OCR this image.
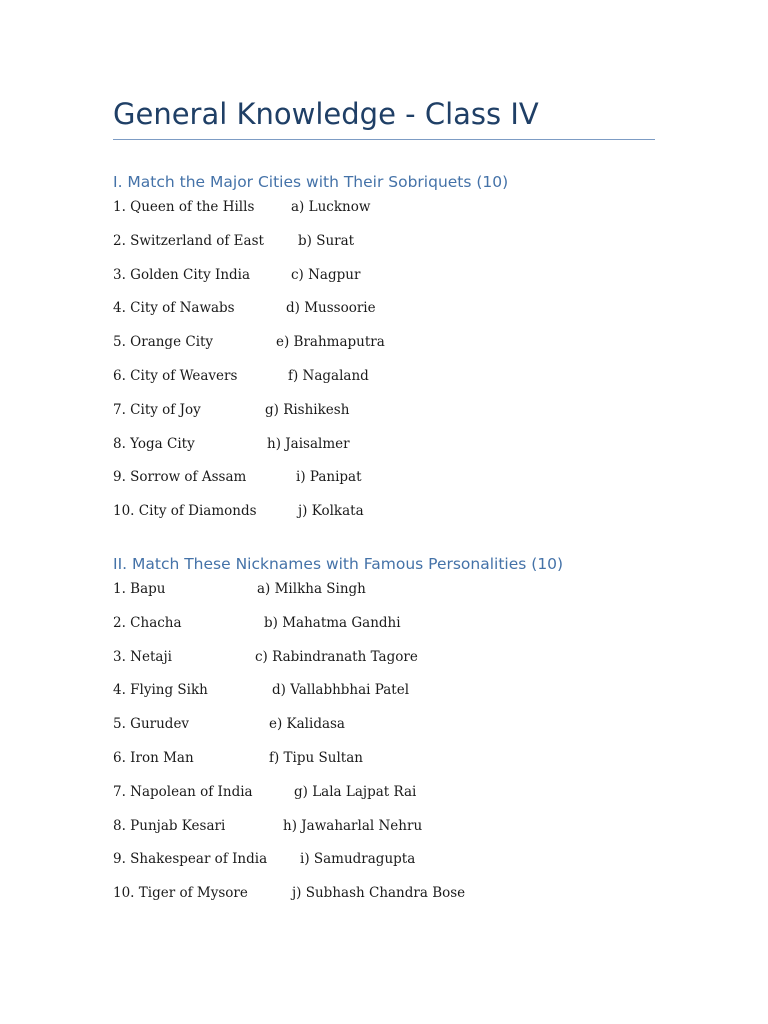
General Knowledge - Class IV
I. Match the Major Cities with Their Sobriquets (10)
1. Queen of the Hills	a) Lucknow
2. Switzerland of East	b) Surat
3. Golden City India	c) Nagpur
4. City of Nawabs	d) Mussoorie
5. Orange City	e) Brahmaputra
6. City of Weavers	f) Nagaland
7. City of Joy	g) Rishikesh
8. Yoga City	h) Jaisalmer
9. Sorrow of Assam	i) Panipat
10. City of Diamonds	j) Kolkata
II. Match These Nicknames with Famous Personalities (10)
1. Bapu	a) Milkha Singh
2. Chacha	b) Mahatma Gandhi
3. Netaji	c) Rabindranath Tagore
4. Flying Sikh	d) Vallabhbhai Patel
5. Gurudev	e) Kalidasa
6. Iron Man	f) Tipu Sultan
7. Napolean of India	g) Lala Lajpat Rai
8. Punjab Kesari	h) Jawaharlal Nehru
9. Shakespear of India i) Samudragupta
10. Tiger of Mysore	j) Subhash Chandra Bose
